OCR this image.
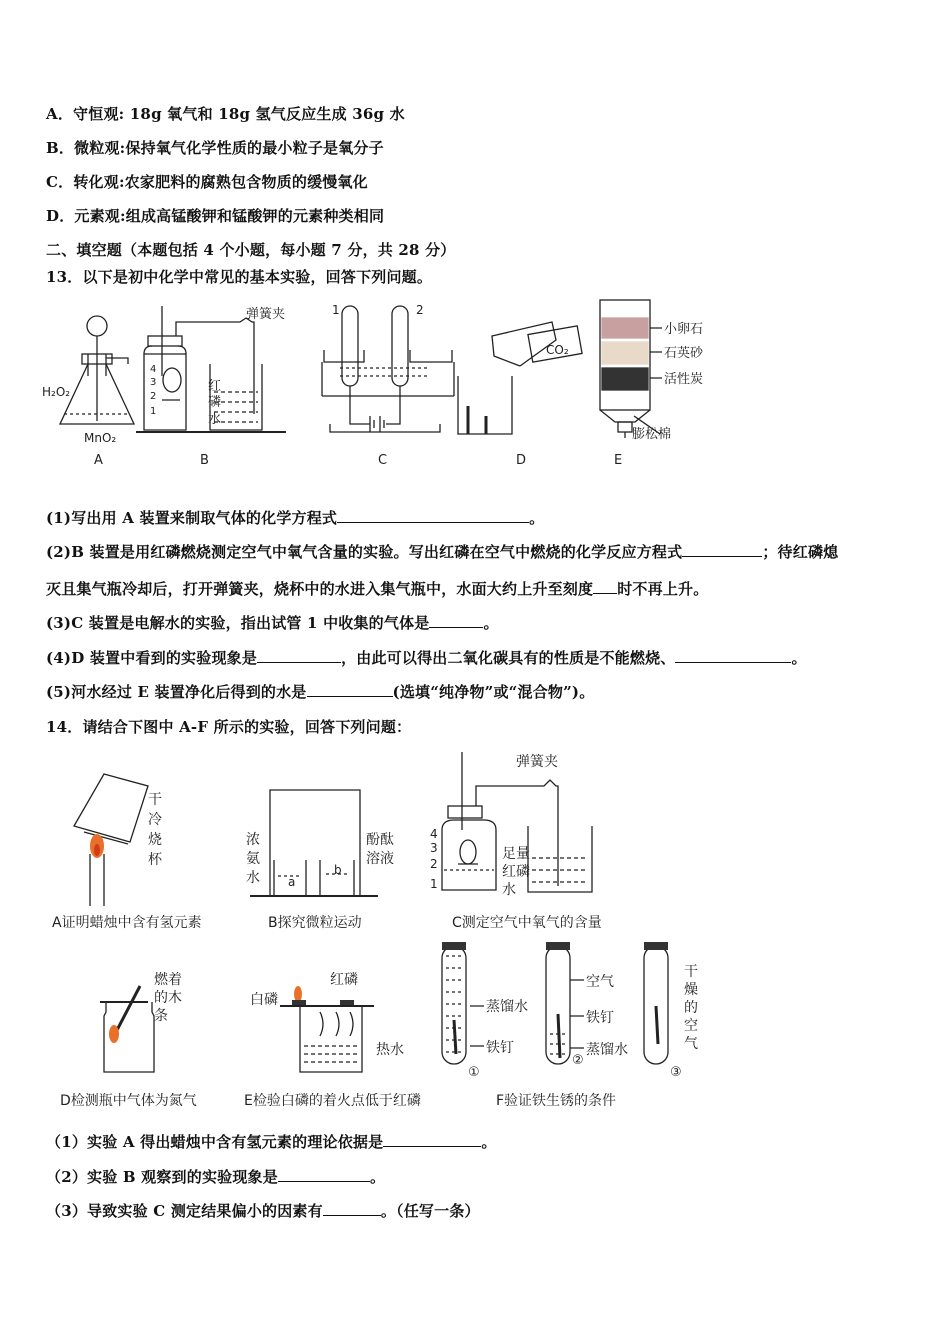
A．守恒观: 18g 氧气和 18g 氢气反应生成 36g 水
B．微粒观:保持氧气化学性质的最小粒子是氧分子
C．转化观:农家肥料的腐熟包含物质的缓慢氧化
D．元素观:组成高锰酸钾和锰酸钾的元素种类相同
二、填空题（本题包括 4 个小题，每小题 7 分，共 28 分）
13．以下是初中化学中常见的基本实验，回答下列问题。
A	B	C	D	E
H₂O₂
MnO₂
弹簧夹
红
磷
水
4
3
2
1
1	2
CO₂
小卵石
石英砂
活性炭
膨松棉
(1)写出用 A 装置来制取气体的化学方程式	。
(2)B 装置是用红磷燃烧测定空气中氧气含量的实验。写出红磷在空气中燃烧的化学反应方程式	；待红磷熄
灭且集气瓶冷却后，打开弹簧夹，烧杯中的水进入集气瓶中，水面大约上升至刻度 时不再上升。
(3)C 装置是电解水的实验，指出试管 1 中收集的气体是	。
(4)D 装置中看到的实验现象是	，由此可以得出二氧化碳具有的性质是不能燃烧、	。
(5)河水经过 E 装置净化后得到的水是	(选填“纯净物”或“混合物”)。
14．请结合下图中 A-F 所示的实验，回答下列问题：
干
冷
烧
杯
浓
氨
水
酚酞
溶液
a
b
弹簧夹
4
3
2
1
足量
红磷
水
A证明蜡烛中含有氢元素	B探究微粒运动	C测定空气中氧气的含量
燃着
的木
条
白磷
红磷
热水
蒸馏水
铁钉
空气
铁钉
蒸馏水
干
燥
的
空
气
①
②
③
D检测瓶中气体为氮气	E检验白磷的着火点低于红磷	F验证铁生锈的条件
（1）实验 A 得出蜡烛中含有氢元素的理论依据是	。
（2）实验 B 观察到的实验现象是	。
（3）导致实验 C 测定结果偏小的因素有	。（任写一条）
